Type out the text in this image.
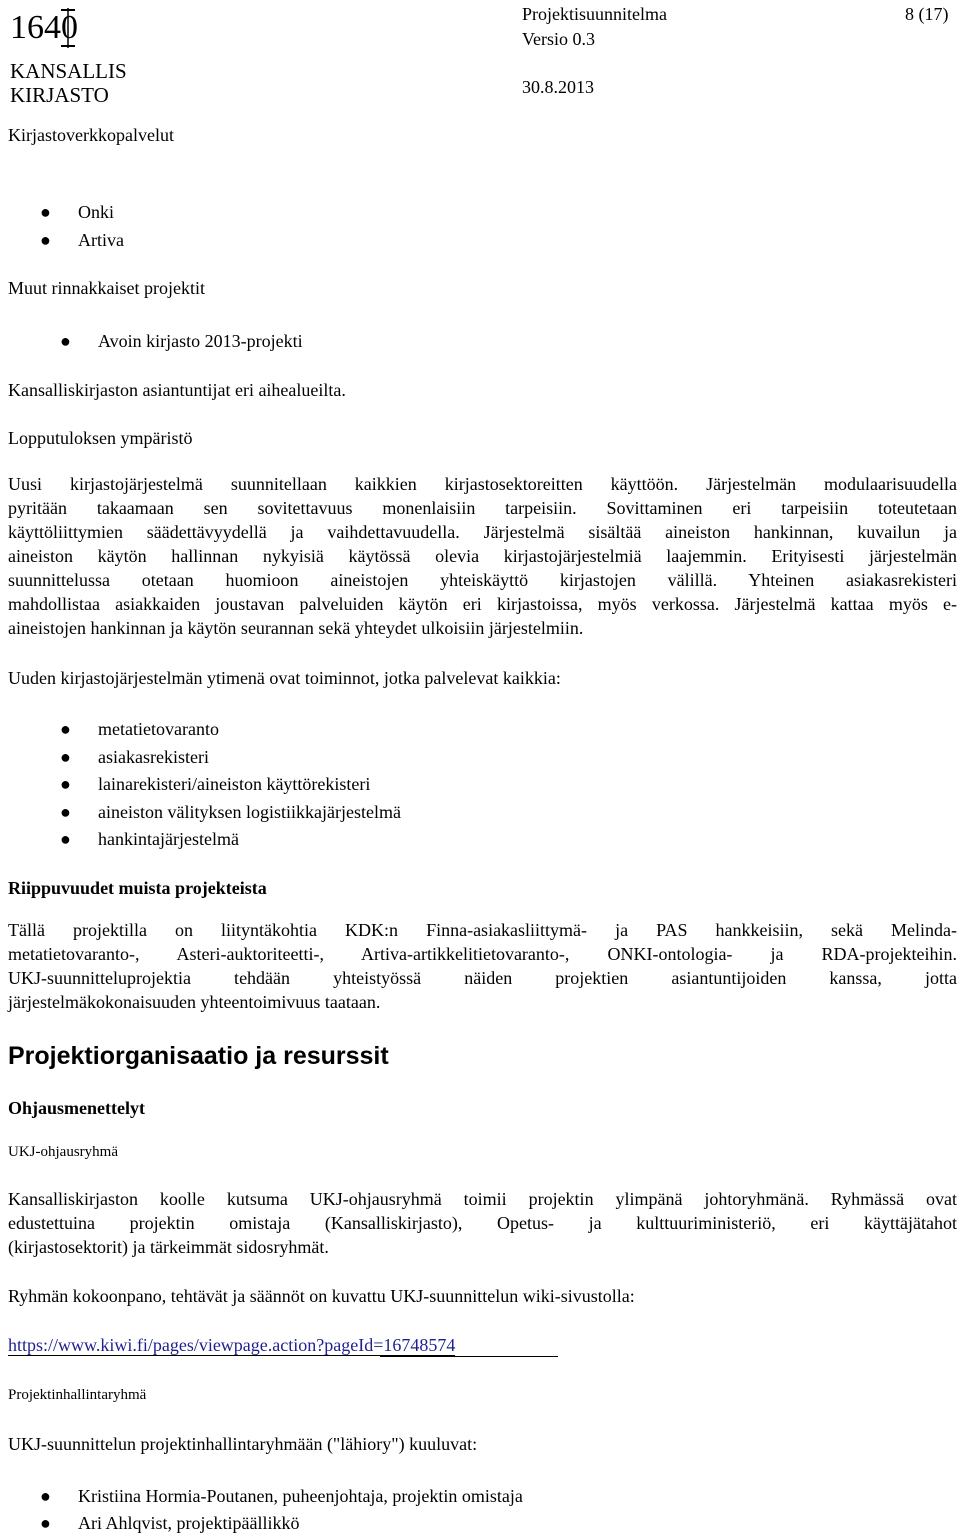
1640
KANSALLIS
KIRJASTO
Projektisuunnitelma	8 (17)
Versio 0.3
30.8.2013
Kirjastoverkkopalvelut
● Onki
● Artiva
Muut rinnakkaiset projektit
● Avoin kirjasto 2013-projekti
Kansalliskirjaston asiantuntijat eri aihealueilta.
Lopputuloksen ympäristö
Uusi kirjastojärjestelmä suunnitellaan kaikkien kirjastosektoreitten käyttöön. Järjestelmän modulaarisuudella
pyritään takaamaan sen sovitettavuus monenlaisiin tarpeisiin. Sovittaminen eri tarpeisiin toteutetaan
käyttöliittymien säädettävyydellä ja vaihdettavuudella. Järjestelmä sisältää aineiston hankinnan, kuvailun ja
aineiston käytön hallinnan nykyisiä käytössä olevia kirjastojärjestelmiä laajemmin. Erityisesti järjestelmän
suunnittelussa otetaan huomioon aineistojen yhteiskäyttö kirjastojen välillä. Yhteinen asiakasrekisteri
mahdollistaa asiakkaiden joustavan palveluiden käytön eri kirjastoissa, myös verkossa. Järjestelmä kattaa myös e-
aineistojen hankinnan ja käytön seurannan sekä yhteydet ulkoisiin järjestelmiin.
Uuden kirjastojärjestelmän ytimenä ovat toiminnot, jotka palvelevat kaikkia:
● metatietovaranto
● asiakasrekisteri
● lainarekisteri/aineiston käyttörekisteri
● aineiston välityksen logistiikkajärjestelmä
● hankintajärjestelmä
Riippuvuudet muista projekteista
Tällä projektilla on liityntäkohtia KDK:n Finna-asiakasliittymä- ja PAS hankkeisiin, sekä Melinda-
metatietovaranto-, Asteri-auktoriteetti-, Artiva-artikkelitietovaranto-, ONKI-ontologia- ja RDA-projekteihin.
UKJ-suunnitteluprojektia tehdään yhteistyössä näiden projektien asiantuntijoiden kanssa, jotta
järjestelmäkokonaisuuden yhteentoimivuus taataan.
Projektiorganisaatio ja resurssit
Ohjausmenettelyt
UKJ-ohjausryhmä
Kansalliskirjaston koolle kutsuma UKJ-ohjausryhmä toimii projektin ylimpänä johtoryhmänä. Ryhmässä ovat
edustettuina projektin omistaja (Kansalliskirjasto), Opetus- ja kulttuuriministeriö, eri käyttäjätahot
(kirjastosektorit) ja tärkeimmät sidosryhmät.
Ryhmän kokoonpano, tehtävät ja säännöt on kuvattu UKJ-suunnittelun wiki-sivustolla:
https://www.kiwi.fi/pages/viewpage.action?pageId=16748574
Projektinhallintaryhmä
UKJ-suunnittelun projektinhallintaryhmään ("lähiory") kuuluvat:
● Kristiina Hormia-Poutanen, puheenjohtaja, projektin omistaja
● Ari Ahlqvist, projektipäällikkö
